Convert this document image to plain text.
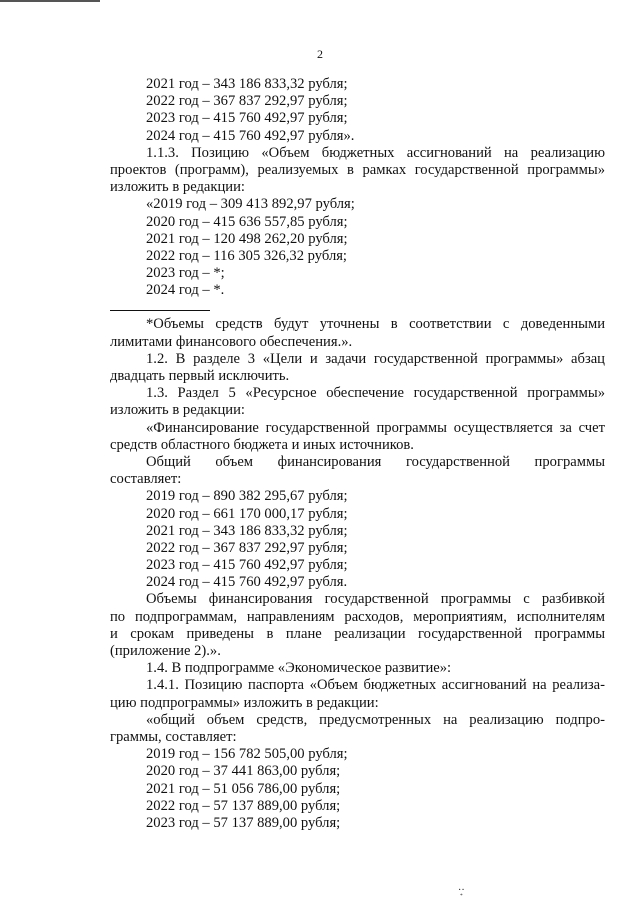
2
2021 год – 343 186 833,32 рубля;
2022 год – 367 837 292,97 рубля;
2023 год – 415 760 492,97 рубля;
2024 год – 415 760 492,97 рубля».
1.1.3. Позицию «Объем бюджетных ассигнований на реализацию
проектов (программ), реализуемых в рамках государственной программы»
изложить в редакции:
«2019 год – 309 413 892,97 рубля;
2020 год – 415 636 557,85 рубля;
2021 год – 120 498 262,20 рубля;
2022 год – 116 305 326,32 рубля;
2023 год – *;
2024 год – *.
*Объемы средств будут уточнены в соответствии с доведенными
лимитами финансового обеспечения.».
1.2. В разделе 3 «Цели и задачи государственной программы» абзац
двадцать первый исключить.
1.3. Раздел 5 «Ресурсное обеспечение государственной программы»
изложить в редакции:
«Финансирование государственной программы осуществляется за счет
средств областного бюджета и иных источников.
Общий объем финансирования государственной программы
составляет:
2019 год – 890 382 295,67 рубля;
2020 год – 661 170 000,17 рубля;
2021 год – 343 186 833,32 рубля;
2022 год – 367 837 292,97 рубля;
2023 год – 415 760 492,97 рубля;
2024 год – 415 760 492,97 рубля.
Объемы финансирования государственной программы с разбивкой
по подпрограммам, направлениям расходов, мероприятиям, исполнителям
и срокам приведены в плане реализации государственной программы
(приложение 2).».
1.4. В подпрограмме «Экономическое развитие»:
1.4.1. Позицию паспорта «Объем бюджетных ассигнований на реализа-
цию подпрограммы» изложить в редакции:
«общий объем средств, предусмотренных на реализацию подпро-
граммы, составляет:
2019 год – 156 782 505,00 рубля;
2020 год – 37 441 863,00 рубля;
2021 год – 51 056 786,00 рубля;
2022 год – 57 137 889,00 рубля;
2023 год – 57 137 889,00 рубля;
·͙·
